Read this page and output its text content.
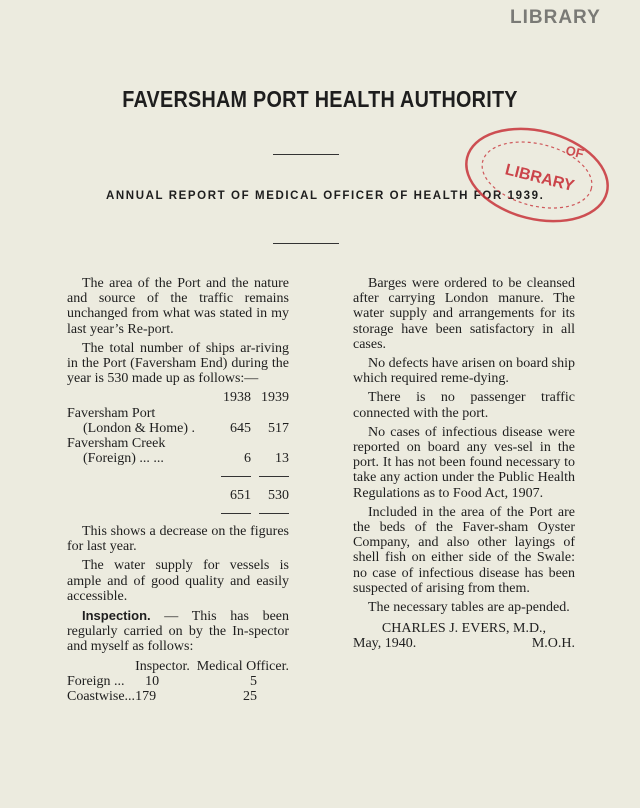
LIBRARY
FAVERSHAM PORT HEALTH AUTHORITY
ANNUAL REPORT OF MEDICAL OFFICER OF HEALTH FOR 1939.
OF
LIBRARY

The area of the Port and the nature and source of the traffic remains unchanged from what was stated in my last year’s Re-port.

The total number of ships ar-riving in the Port (Faversham End) during the year is 530 made up as follows:—

	1938	1939
Faversham Port		
(London & Home) .	645	517
Faversham Creek		
(Foreign) ... ...	6	13

	651	530

This shows a decrease on the figures for last year.

The water supply for vessels is ample and of good quality and easily accessible.

Inspection. — This has been regularly carried on by the In-spector and myself as follows:

	Inspector.	Medical Officer.
Foreign ...	10	5
Coastwise...	179	25

Barges were ordered to be cleansed after carrying London manure. The water supply and arrangements for its storage have been satisfactory in all cases.

No defects have arisen on board ship which required reme-dying.

There is no passenger traffic connected with the port.

No cases of infectious disease were reported on board any ves-sel in the port. It has not been found necessary to take any action under the Public Health Regulations as to Food Act, 1907.

Included in the area of the Port are the beds of the Faver-sham Oyster Company, and also other layings of shell fish on either side of the Swale: no case of infectious disease has been suspected of arising from them.

The necessary tables are ap-pended.

CHARLES J. EVERS, M.D.,
May, 1940.	M.O.H.
